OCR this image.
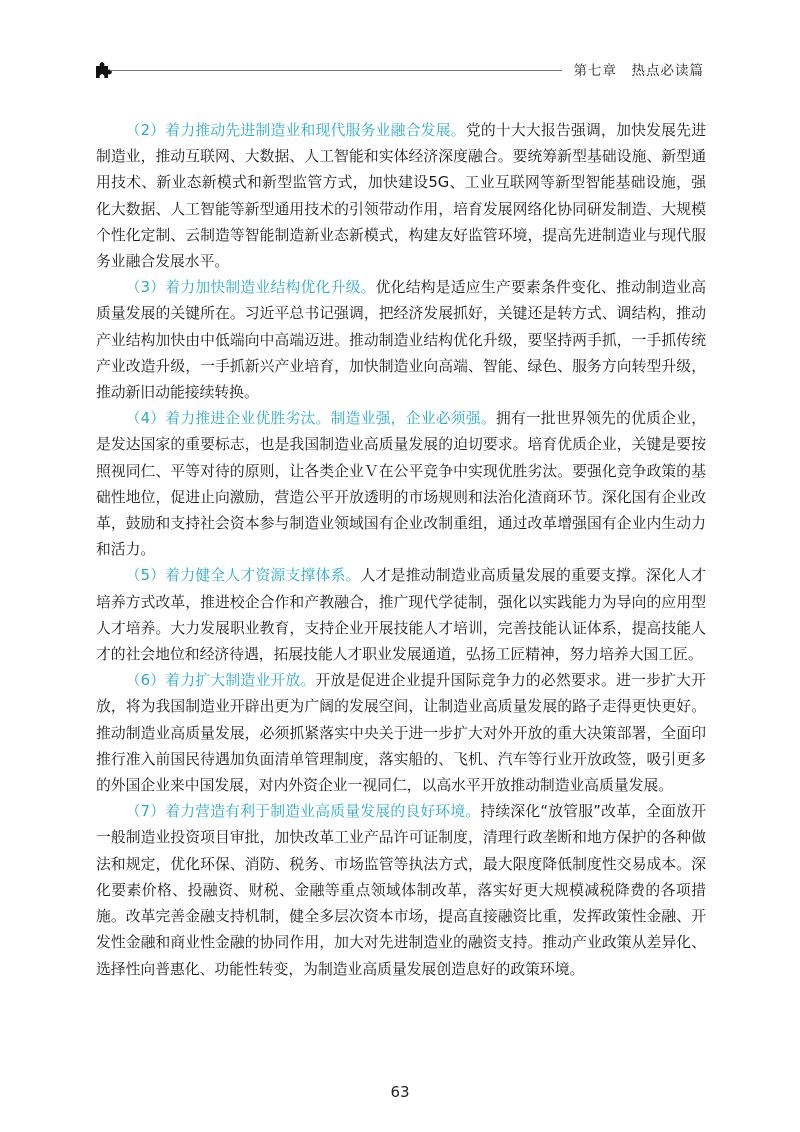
第七章　热点必读篇

（2）着力推动先进制造业和现代服务业融合发展。党的十大大报告强调，加快发展先进制造业，推动互联网、大数据、人工智能和实体经济深度融合。要统筹新型基础设施、新型通用技术、新业态新模式和新型监管方式，加快建设5G、工业互联网等新型智能基础设施，强化大数据、人工智能等新型通用技术的引领带动作用，培育发展网络化协同研发制造、大规模个性化定制、云制造等智能制造新业态新模式，构建友好监管环境，提高先进制造业与现代服务业融合发展水平。

（3）着力加快制造业结构优化升级。优化结构是适应生产要素条件变化、推动制造业高质量发展的关键所在。习近平总书记强调，把经济发展抓好，关键还是转方式、调结构，推动产业结构加快由中低端向中高端迈进。推动制造业结构优化升级，要坚持两手抓，一手抓传统产业改造升级，一手抓新兴产业培育，加快制造业向高端、智能、绿色、服务方向转型升级，推动新旧动能接续转换。

（4）着力推进企业优胜劣汰。制造业强，企业必须强。拥有一批世界领先的优质企业，是发达国家的重要标志，也是我国制造业高质量发展的迫切要求。培育优质企业，关键是要按照视同仁、平等对待的原则，让各类企业Ｖ在公平竞争中实现优胜劣汰。要强化竞争政策的基础性地位，促进止向激励，营造公平开放透明的市场规则和法治化渣商环节。深化国有企业改革，鼓励和支持社会资本参与制造业领域国有企业改制重组，通过改革增强国有企业内生动力和活力。

（5）着力健全人才资源支撑体系。人才是推动制造业高质量发展的重要支撑。深化人才培养方式改革，推进校企合作和产教融合，推广现代学徒制，强化以实践能力为导向的应用型人才培养。大力发展职业教育，支持企业开展技能人才培训，完善技能认证体系，提高技能人才的社会地位和经济待遇，拓展技能人才职业发展通道，弘扬工匠精神，努力培养大国工匠。

（6）着力扩大制造业开放。开放是促进企业提升国际竞争力的必然要求。进一步扩大开放，将为我国制造业开辟出更为广阔的发展空间，让制造业高质量发展的路子走得更快更好。推动制造业高质量发展，必须抓紧落实中央关于进一步扩大对外开放的重大决策部署，全面印推行准入前国民待遇加负面清单管理制度，落实船的、飞机、汽车等行业开放政签，吸引更多的外国企业来中国发展，对内外资企业一视同仁，以高水平开放推动制造业高质量发展。

（7）着力营造有利于制造业高质量发展的良好环境。持续深化“放管服”改革，全面放开一般制造业投资项目审批，加快改革工业产品许可证制度，清理行政垄断和地方保护的各种做法和规定，优化环保、消防、税务、市场监管等执法方式，最大限度降低制度性交易成本。深化要素价格、投融资、财税、金融等重点领域体制改革，落实好更大规模减税降费的各项措施。改革完善金融支持机制，健全多层次资本市场，提高直接融资比重，发挥政策性金融、开发性金融和商业性金融的协同作用，加大对先进制造业的融资支持。推动产业政策从差异化、选择性向普惠化、功能性转变，为制造业高质量发展创造息好的政策环境。

63
